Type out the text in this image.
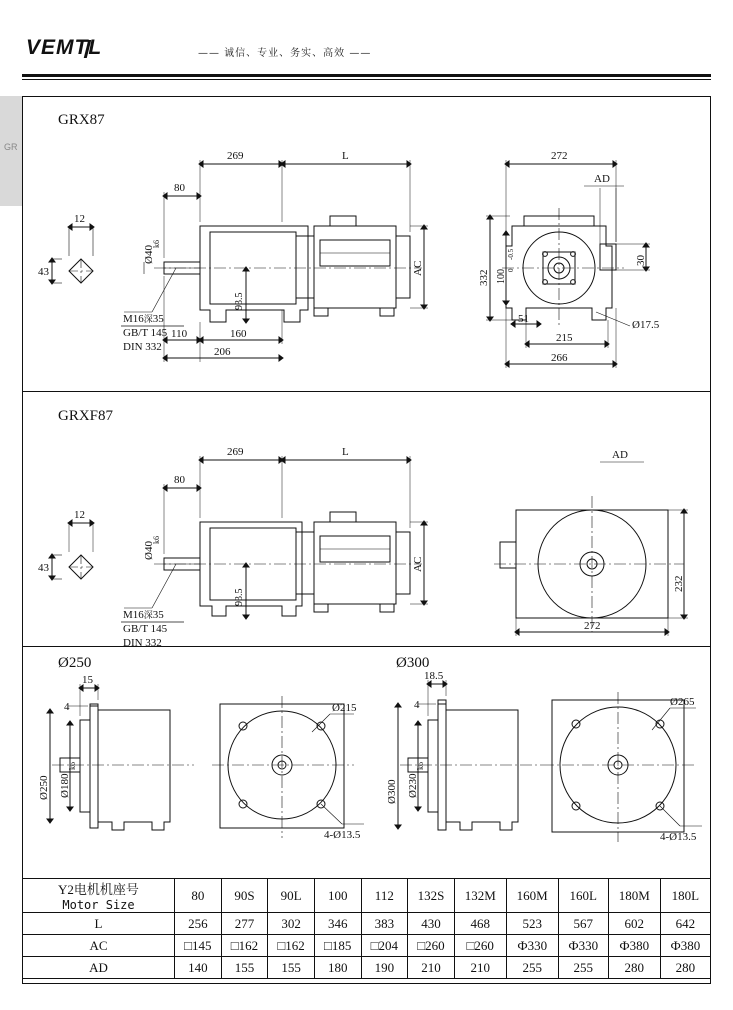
VEMTL	—— 诚信、专业、务实、高效 ——
GR
GRX87
GRXF87
Ø250	Ø300
43
12
269	L
80
Ø40
k6
93.5
AC
110	160
206
M16深35
GB/T 145
DIN 332
272
AD
332 100 0
-0.5
30
51	Ø17.5
215
266
43
12
269	L
80
Ø40
k6
93.5
AC
M16深35
GB/T 145
DIN 332
AD
232
272
15
4
Ø250 Ø180
k6
Ø215
4-Ø13.5
18.5
4
Ø300 Ø230
k6
Ø265
4-Ø13.5
Y2电机机座号
Motor Size	80	90S	90L	100	112	132S	132M	160M	160L	180M	180L
L	256	277	302	346	383	430	468	523	567	602	642
AC	□145	□162	□162	□185	□204	□260	□260	Ф330	Ф330	Ф380	Ф380
AD	140	155	155	180	190	210	210	255	255	280	280
